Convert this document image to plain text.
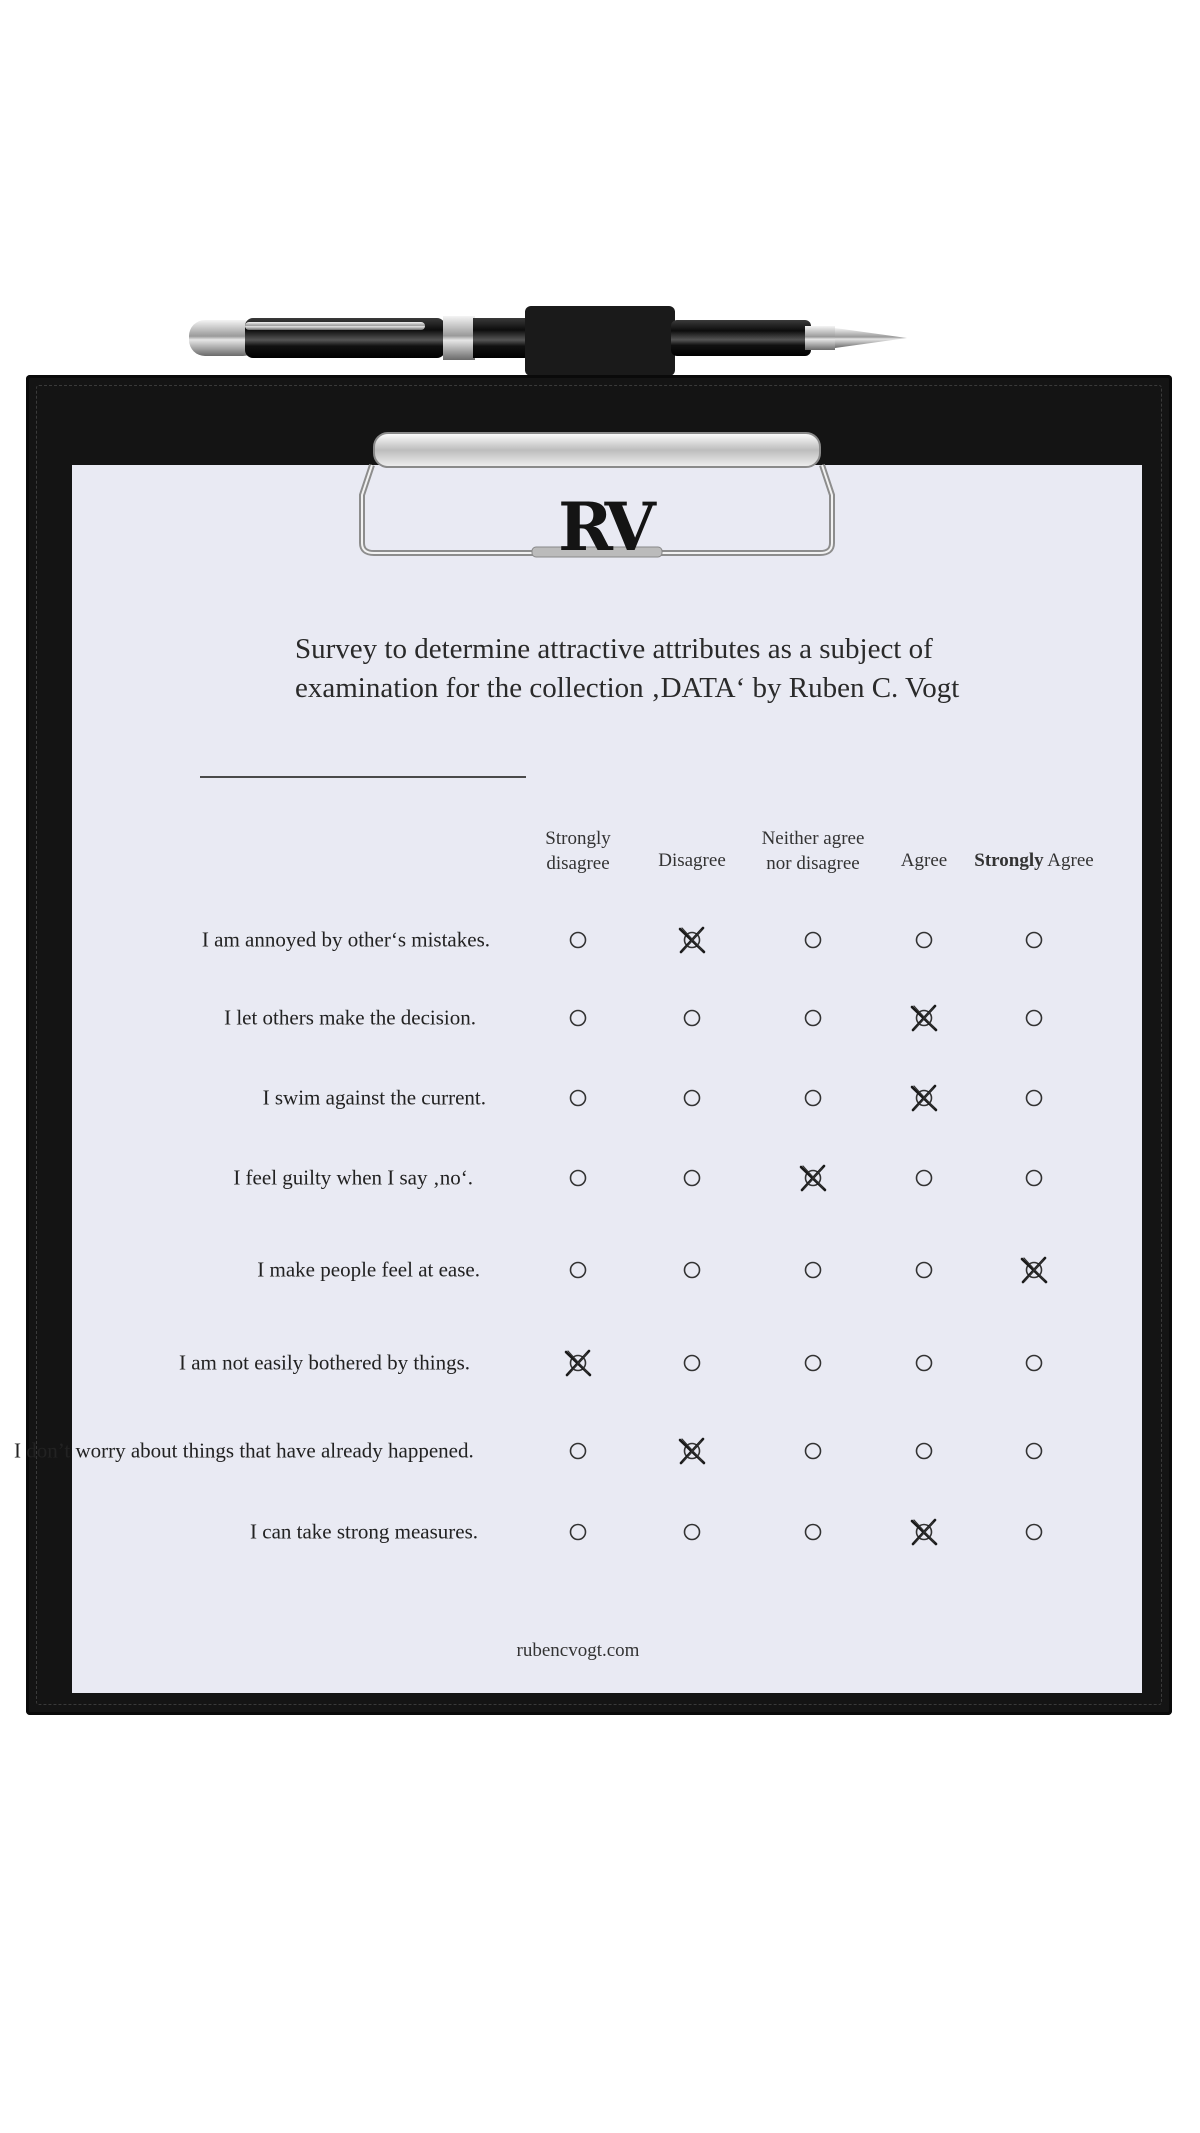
RV
Survey to determine attractive attributes as a subject of
examination for the collection ‚DATA‘ by Ruben C. Vogt
Strongly
disagree	Disagree
Neither agree
nor disagree Agree Strongly Agree
I am annoyed by other‘s mistakes.
I let others make the decision.
I swim against the current.
I feel guilty when I say ‚no‘.
I make people feel at ease.
I am not easily bothered by things.
I don’t worry about things that have already happened.
I can take strong measures.
rubencvogt.com
